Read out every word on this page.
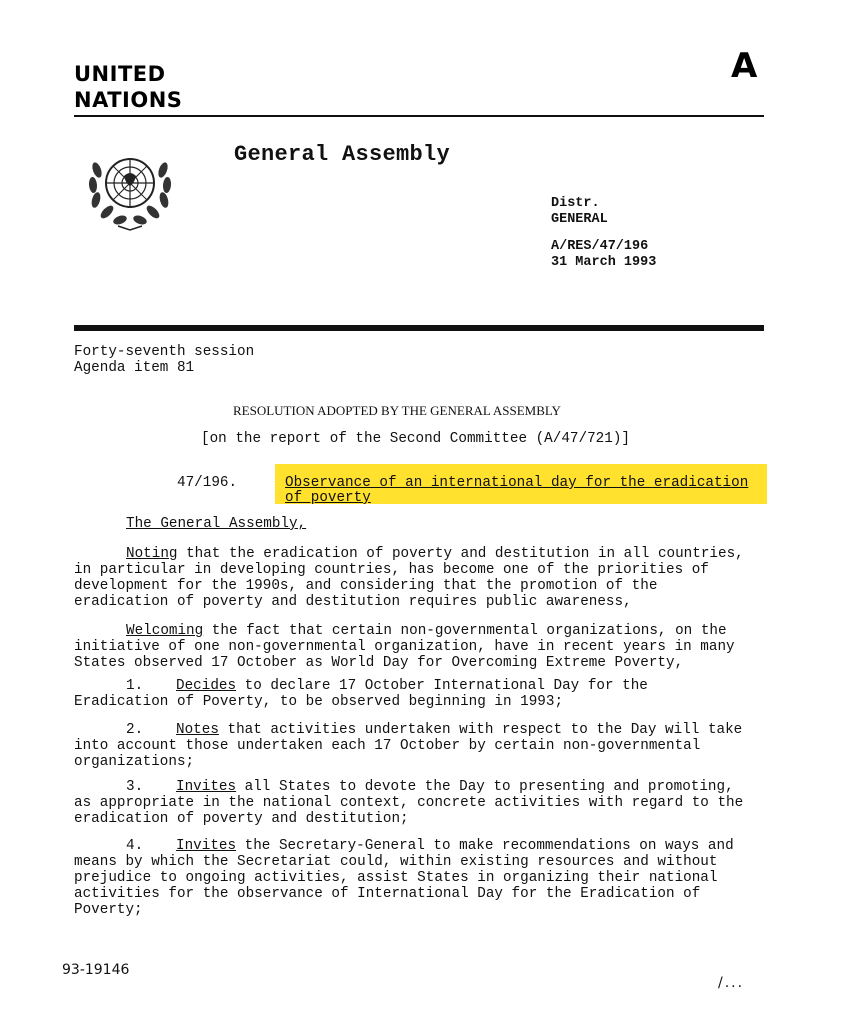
UNITED
NATIONS
A
General Assembly
Distr.
GENERAL
A/RES/47/196
31 March 1993
Forty-seventh session
Agenda item 81
RESOLUTION ADOPTED BY THE GENERAL ASSEMBLY
[on the report of the Second Committee (A/47/721)]
47/196.	Observance of an international day for the eradication
of poverty
The General Assembly,
Noting that the eradication of poverty and destitution in all countries,
in particular in developing countries, has become one of the priorities of
development for the 1990s, and considering that the promotion of the
eradication of poverty and destitution requires public awareness,
Welcoming the fact that certain non-governmental organizations, on the
initiative of one non-governmental organization, have in recent years in many
States observed 17 October as World Day for Overcoming Extreme Poverty,
1. Decides to declare 17 October International Day for the
Eradication of Poverty, to be observed beginning in 1993;
2. Notes that activities undertaken with respect to the Day will take
into account those undertaken each 17 October by certain non-governmental
organizations;
3. Invites all States to devote the Day to presenting and promoting,
as appropriate in the national context, concrete activities with regard to the
eradication of poverty and destitution;
4. Invites the Secretary-General to make recommendations on ways and
means by which the Secretariat could, within existing resources and without
prejudice to ongoing activities, assist States in organizing their national
activities for the observance of International Day for the Eradication of
Poverty;
93-19146
/...
